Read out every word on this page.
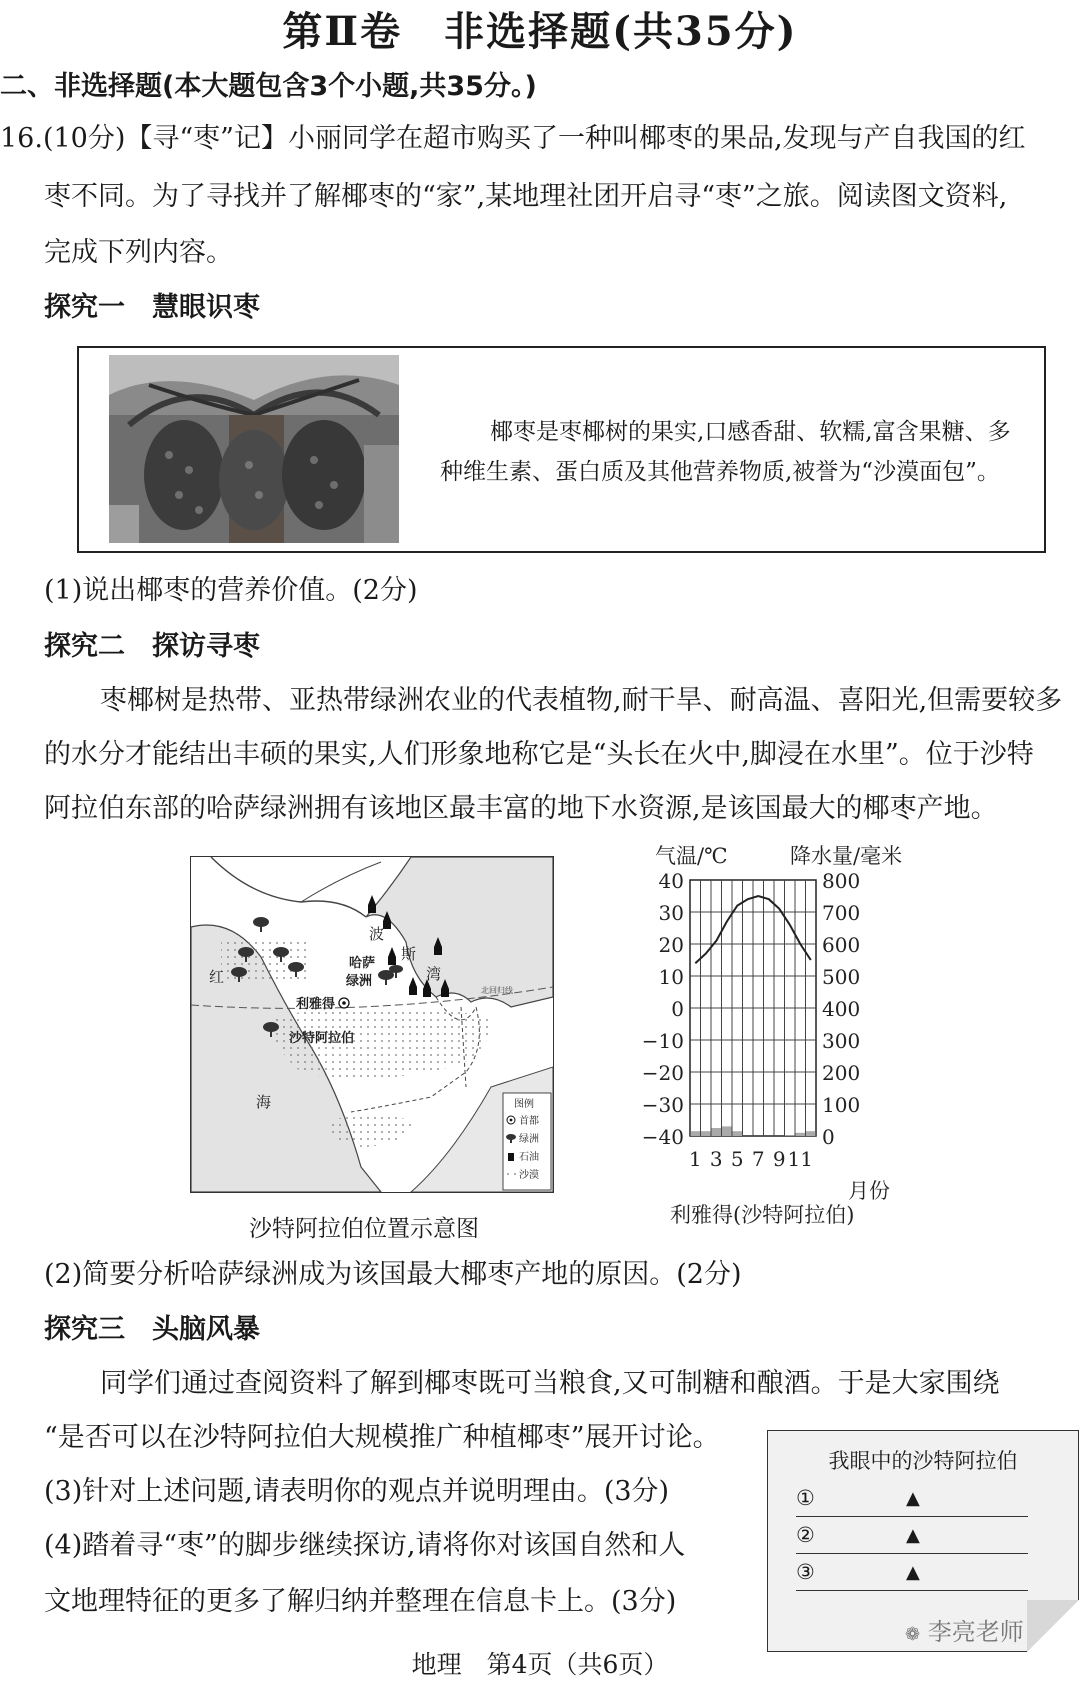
第Ⅱ卷　非选择题(共35分)
二、非选择题(本大题包含3个小题,共35分。)
16.(10分)【寻“枣”记】小丽同学在超市购买了一种叫椰枣的果品,发现与产自我国的红
枣不同。为了寻找并了解椰枣的“家”,某地理社团开启寻“枣”之旅。阅读图文资料,
完成下列内容。
探究一　慧眼识枣
椰枣是枣椰树的果实,口感香甜、软糯,富含果糖、多种维生素、蛋白质及其他营养物质,被誉为“沙漠面包”。
(1)说出椰枣的营养价值。(2分)
探究二　探访寻枣
枣椰树是热带、亚热带绿洲农业的代表植物,耐干旱、耐高温、喜阳光,但需要较多
的水分才能结出丰硕的果实,人们形象地称它是“头长在火中,脚浸在水里”。位于沙特
阿拉伯东部的哈萨绿洲拥有该地区最丰富的地下水资源,是该国最大的椰枣产地。
红
海
波
斯
湾
哈萨
绿洲
利雅得
沙特阿拉伯
北回归线
图例
首都
绿洲
石油
沙漠
沙特阿拉伯位置示意图
气温/℃	降水量/毫米
40	800
30	700
20	600
10	500
0	400
−10	300
−20	200
−30	100
−40	0
1 3 5 7 9 11
月份
利雅得(沙特阿拉伯)
(2)简要分析哈萨绿洲成为该国最大椰枣产地的原因。(2分)
探究三　头脑风暴
同学们通过查阅资料了解到椰枣既可当粮食,又可制糖和酿酒。于是大家围绕
“是否可以在沙特阿拉伯大规模推广种植椰枣”展开讨论。
(3)针对上述问题,请表明你的观点并说明理由。(3分)
(4)踏着寻“枣”的脚步继续探访,请将你对该国自然和人
文地理特征的更多了解归纳并整理在信息卡上。(3分)
我眼中的沙特阿拉伯
①	▲
②	▲
③	▲
地理　第4页（共6页）
❁ 李亮老师
